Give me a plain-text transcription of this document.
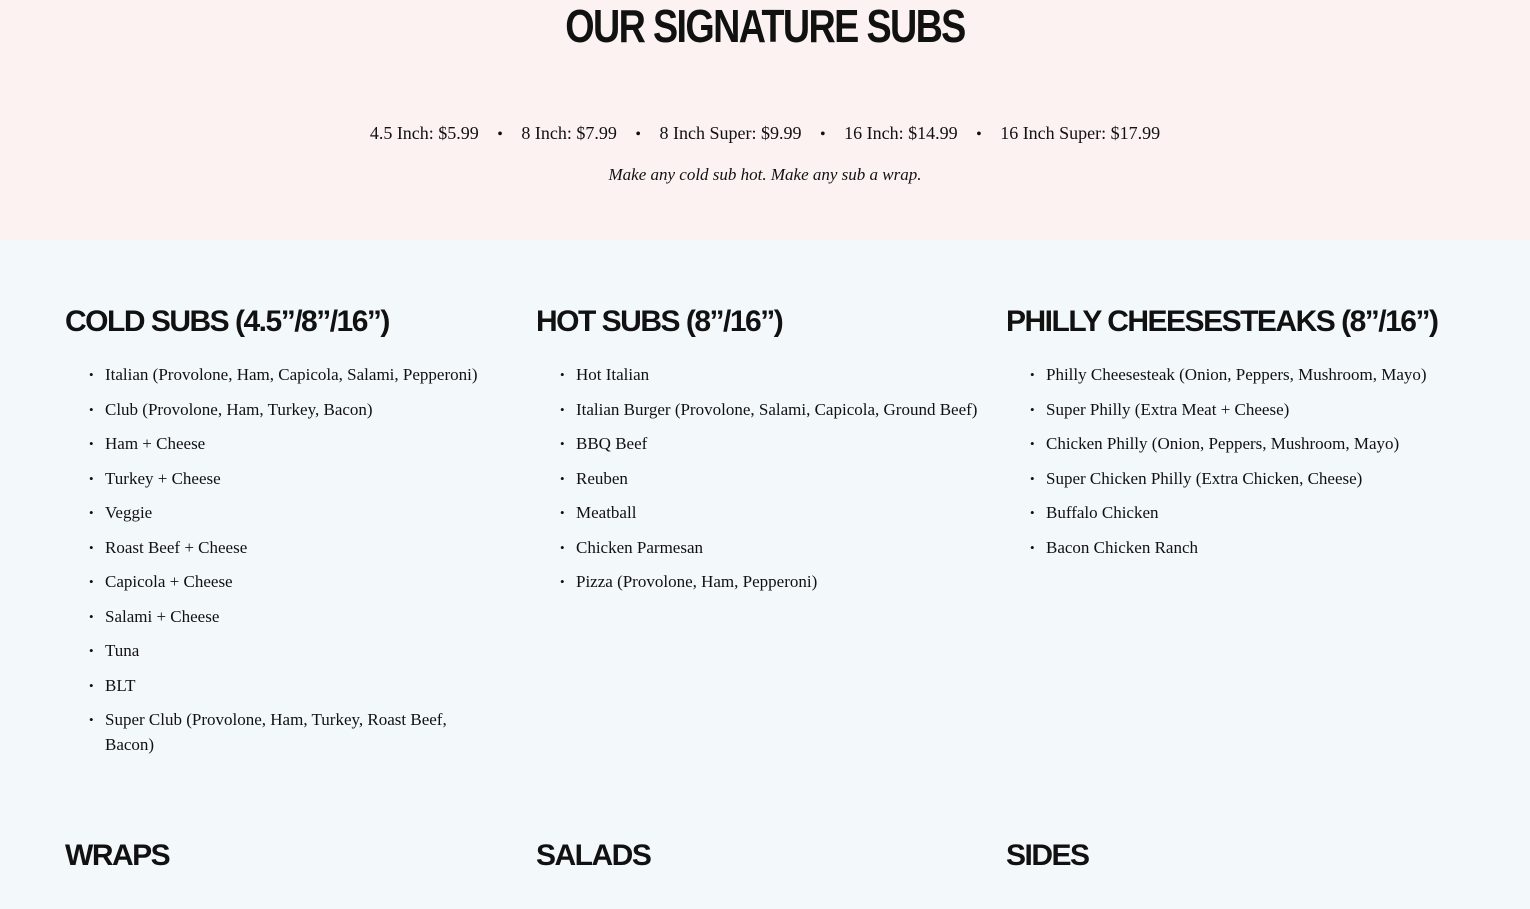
OUR SIGNATURE SUBS
4.5 Inch: $5.99 • 8 Inch: $7.99 • 8 Inch Super: $9.99 • 16 Inch: $14.99 • 16 Inch Super: $17.99
Make any cold sub hot. Make any sub a wrap.
COLD SUBS (4.5”/8”/16”)
• Italian (Provolone, Ham, Capicola, Salami, Pepperoni)
• Club (Provolone, Ham, Turkey, Bacon)
• Ham + Cheese
• Turkey + Cheese
• Veggie
• Roast Beef + Cheese
• Capicola + Cheese
• Salami + Cheese
• Tuna
• BLT
• Super Club (Provolone, Ham, Turkey, Roast Beef, Bacon)
HOT SUBS (8”/16”)
• Hot Italian
• Italian Burger (Provolone, Salami, Capicola, Ground Beef)
• BBQ Beef
• Reuben
• Meatball
• Chicken Parmesan
• Pizza (Provolone, Ham, Pepperoni)
PHILLY CHEESESTEAKS (8”/16”)
• Philly Cheesesteak (Onion, Peppers, Mushroom, Mayo)
• Super Philly (Extra Meat + Cheese)
• Chicken Philly (Onion, Peppers, Mushroom, Mayo)
• Super Chicken Philly (Extra Chicken, Cheese)
• Buffalo Chicken
• Bacon Chicken Ranch
WRAPS	SALADS	SIDES
